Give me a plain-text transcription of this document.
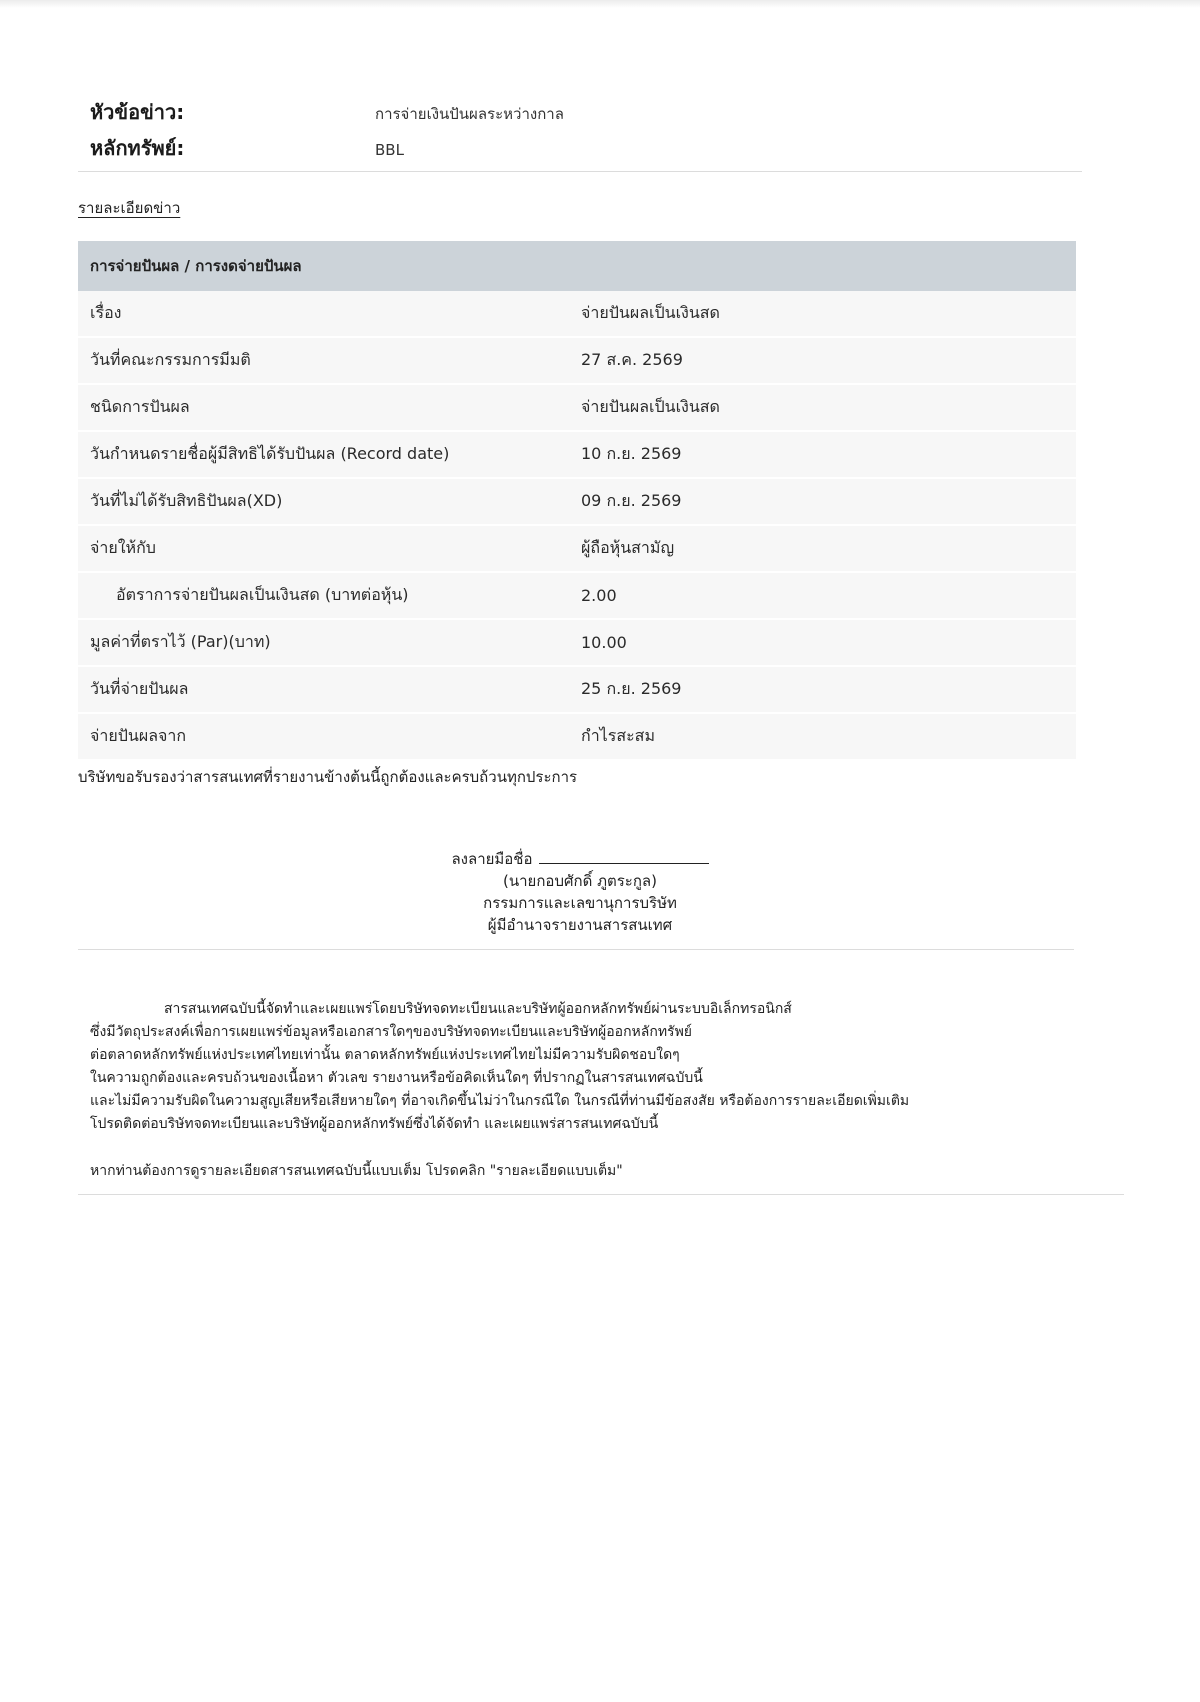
หัวข้อข่าว:	การจ่ายเงินปันผลระหว่างกาล
หลักทรัพย์:	BBL
รายละเอียดข่าว
การจ่ายปันผล / การงดจ่ายปันผล
เรื่อง	จ่ายปันผลเป็นเงินสด
วันที่คณะกรรมการมีมติ	27 ส.ค. 2569
ชนิดการปันผล	จ่ายปันผลเป็นเงินสด
วันกำหนดรายชื่อผู้มีสิทธิได้รับปันผล (Record date)	10 ก.ย. 2569
วันที่ไม่ได้รับสิทธิปันผล(XD)	09 ก.ย. 2569
จ่ายให้กับ	ผู้ถือหุ้นสามัญ
อัตราการจ่ายปันผลเป็นเงินสด (บาทต่อหุ้น)	2.00
มูลค่าที่ตราไว้ (Par)(บาท)	10.00
วันที่จ่ายปันผล	25 ก.ย. 2569
จ่ายปันผลจาก	กำไรสะสม
บริษัทขอรับรองว่าสารสนเทศที่รายงานข้างต้นนี้ถูกต้องและครบถ้วนทุกประการ
ลงลายมือชื่อ
(นายกอบศักดิ์ ภูตระกูล)
กรรมการและเลขานุการบริษัท
ผู้มีอำนาจรายงานสารสนเทศ

สารสนเทศฉบับนี้จัดทำและเผยแพร่โดยบริษัทจดทะเบียนและบริษัทผู้ออกหลักทรัพย์ผ่านระบบอิเล็กทรอนิกส์

ซึ่งมีวัตถุประสงค์เพื่อการเผยแพร่ข้อมูลหรือเอกสารใดๆของบริษัทจดทะเบียนและบริษัทผู้ออกหลักทรัพย์

ต่อตลาดหลักทรัพย์แห่งประเทศไทยเท่านั้น ตลาดหลักทรัพย์แห่งประเทศไทยไม่มีความรับผิดชอบใดๆ

ในความถูกต้องและครบถ้วนของเนื้อหา ตัวเลข รายงานหรือข้อคิดเห็นใดๆ ที่ปรากฏในสารสนเทศฉบับนี้

และไม่มีความรับผิดในความสูญเสียหรือเสียหายใดๆ ที่อาจเกิดขึ้นไม่ว่าในกรณีใด ในกรณีที่ท่านมีข้อสงสัย หรือต้องการรายละเอียดเพิ่มเติม

โปรดติดต่อบริษัทจดทะเบียนและบริษัทผู้ออกหลักทรัพย์ซึ่งได้จัดทำ และเผยแพร่สารสนเทศฉบับนี้

หากท่านต้องการดูรายละเอียดสารสนเทศฉบับนี้แบบเต็ม โปรดคลิก "รายละเอียดแบบเต็ม"
